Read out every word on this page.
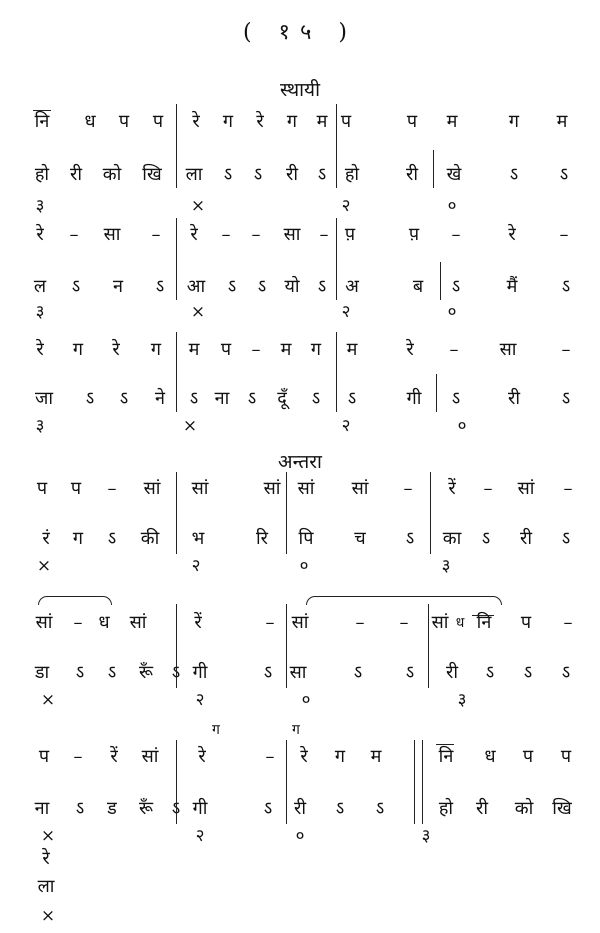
( १५ )
स्थायी
नि	ध	प	प	रे	ग	रे	ग	म प	प	म	ग	म
हो	री	को	खि	ला	ऽ	ऽ	री	ऽ	हो	री	खे	ऽ	ऽ
३	×	२	०
रे	–	सा	–	रे	–	–	सा	– प़	प़	–	रे	–
ल	ऽ	न	ऽ	आ	ऽ	ऽ	यो	ऽ	अ	ब	ऽ	मैं	ऽ
३	×	२	०
रे	ग	रे	ग	म	प	–	म	ग	म	रे	–	सा	–
जा	ऽ	ऽ	ने	ऽ ना	ऽ	दूँ	ऽ	ऽ	गी	ऽ	री	ऽ
३	×	२	०
अन्तरा
प	प	–	सां	सां	सां सां	सां	–	रें	–	सां	–
रं	ग	ऽ	की	भ	रि	पि	च	ऽ	का	ऽ	री	ऽ
×	२	०	३
सां	– ध	सां	रें	– सां	–	–	सां ध नि	प	–
डा	ऽ	ऽ	रूँ	ऽ गी	ऽ सा	ऽ	ऽ	री	ऽ	ऽ	ऽ
×	२	०	३
ग	ग
प	–	रें	सां	रे	–	रे	ग	म	नि	ध	प	प
ना	ऽ	ड	रूँ	ऽ गी	ऽ	री	ऽ	ऽ	हो	री	को	खि
×	२	०	३
रे
ला
×
